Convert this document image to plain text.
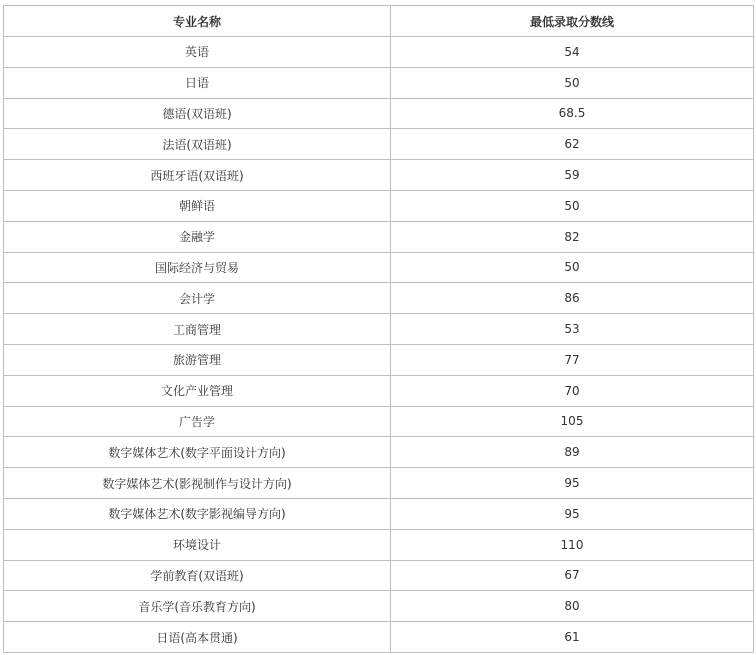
专业名称	最低录取分数线
英语	54
日语	50
德语(双语班)	68.5
法语(双语班)	62
西班牙语(双语班)	59
朝鲜语	50
金融学	82
国际经济与贸易	50
会计学	86
工商管理	53
旅游管理	77
文化产业管理	70
广告学	105
数字媒体艺术(数字平面设计方向)	89
数字媒体艺术(影视制作与设计方向)	95
数字媒体艺术(数字影视编导方向)	95
环境设计	110
学前教育(双语班)	67
音乐学(音乐教育方向)	80
日语(高本贯通)	61
